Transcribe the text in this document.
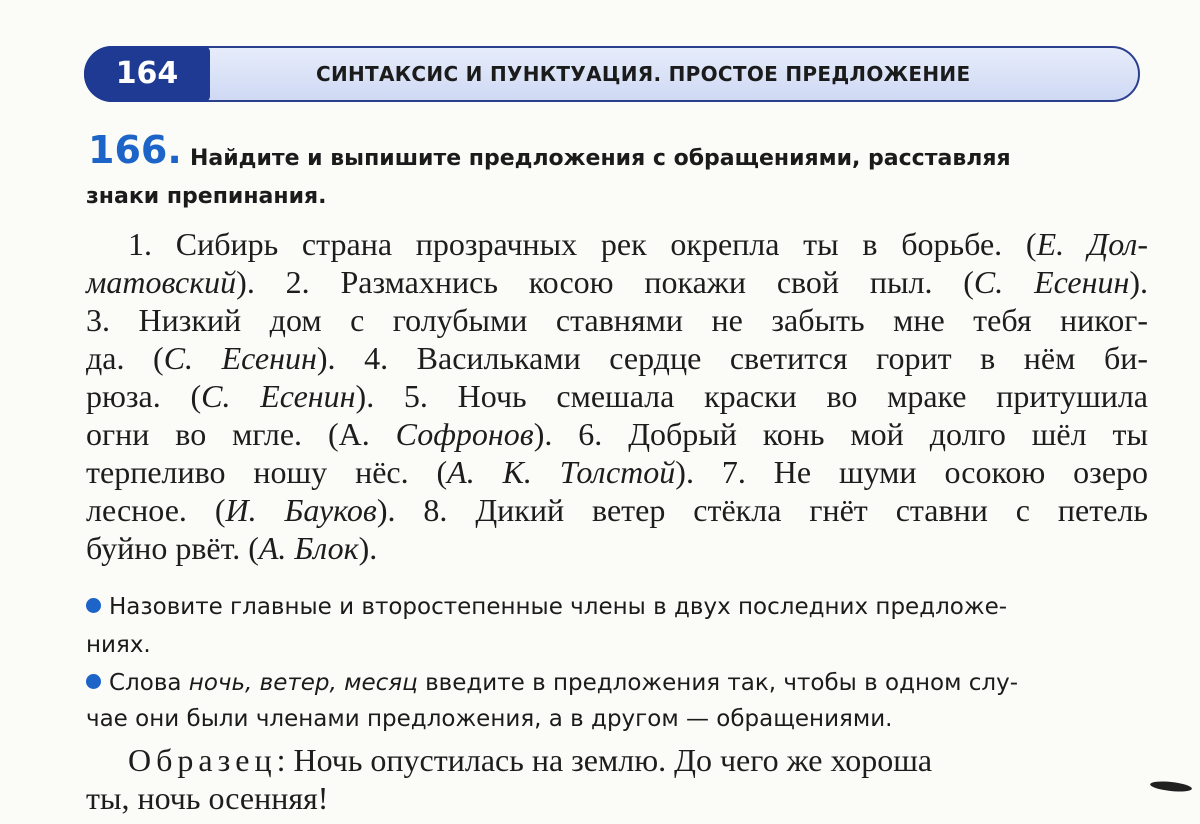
164	СИНТАКСИС И ПУНКТУАЦИЯ. ПРОСТОЕ ПРЕДЛОЖЕНИЕ
166. Найдите и выпишите предложения с обращениями, расставляя
знаки препинания.
1. Сибирь страна прозрачных рек окрепла ты в борьбе. (Е. Дол-
матовский). 2. Размахнись косою покажи свой пыл. (С. Есенин).
3. Низкий дом с голубыми ставнями не забыть мне тебя никог-
да. (С. Есенин). 4. Васильками сердце светится горит в нём би-
рюза. (С. Есенин). 5. Ночь смешала краски во мраке притушила
огни во мгле. (А. Софронов). 6. Добрый конь мой долго шёл ты
терпеливо ношу нёс. (А. К. Толстой). 7. Не шуми осокою озеро
лесное. (И. Бауков). 8. Дикий ветер стёкла гнёт ставни с петель
буйно рвёт. (А. Блок).
Назовите главные и второстепенные члены в двух последних предложе-
ниях.
Слова ночь, ветер, месяц введите в предложения так, чтобы в одном слу-
чае они были членами предложения, а в другом — обращениями.
Образец: Ночь опустилась на землю. До чего же хороша
ты, ночь осенняя!
